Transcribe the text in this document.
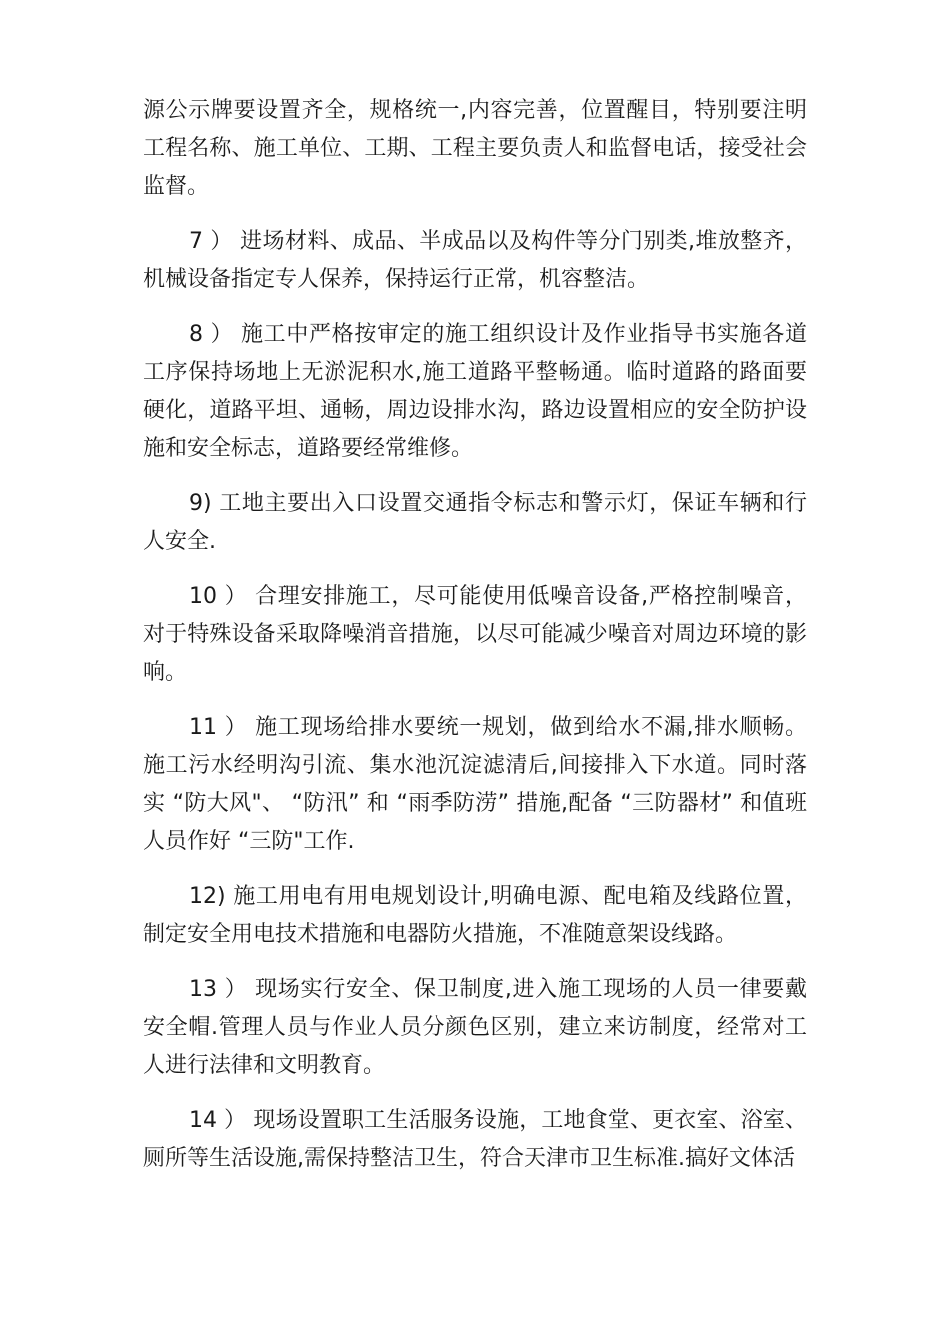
源公示牌要设置齐全，规格统一,内容完善，位置醒目，特别要注明工程名称、施工单位、工期、工程主要负责人和监督电话，接受社会监督。

7 ） 进场材料、成品、半成品以及构件等分门别类,堆放整齐，机械设备指定专人保养，保持运行正常，机容整洁。

8 ） 施工中严格按审定的施工组织设计及作业指导书实施各道工序保持场地上无淤泥积水,施工道路平整畅通。临时道路的路面要硬化，道路平坦、通畅，周边设排水沟，路边设置相应的安全防护设施和安全标志，道路要经常维修。

9) 工地主要出入口设置交通指令标志和警示灯，保证车辆和行人安全.

10 ） 合理安排施工，尽可能使用低噪音设备,严格控制噪音，对于特殊设备采取降噪消音措施，以尽可能减少噪音对周边环境的影响。

11 ） 施工现场给排水要统一规划，做到给水不漏,排水顺畅。施工污水经明沟引流、集水池沉淀滤清后,间接排入下水道。同时落实 “防大风"、 “防汛” 和 “雨季防涝” 措施,配备 “三防器材” 和值班人员作好 “三防"工作.

12) 施工用电有用电规划设计,明确电源、配电箱及线路位置，制定安全用电技术措施和电器防火措施，不准随意架设线路。

13 ） 现场实行安全、保卫制度,进入施工现场的人员一律要戴安全帽.管理人员与作业人员分颜色区别，建立来访制度，经常对工人进行法律和文明教育。

14 ） 现场设置职工生活服务设施，工地食堂、更衣室、浴室、厕所等生活设施,需保持整洁卫生，符合天津市卫生标准.搞好文体活
